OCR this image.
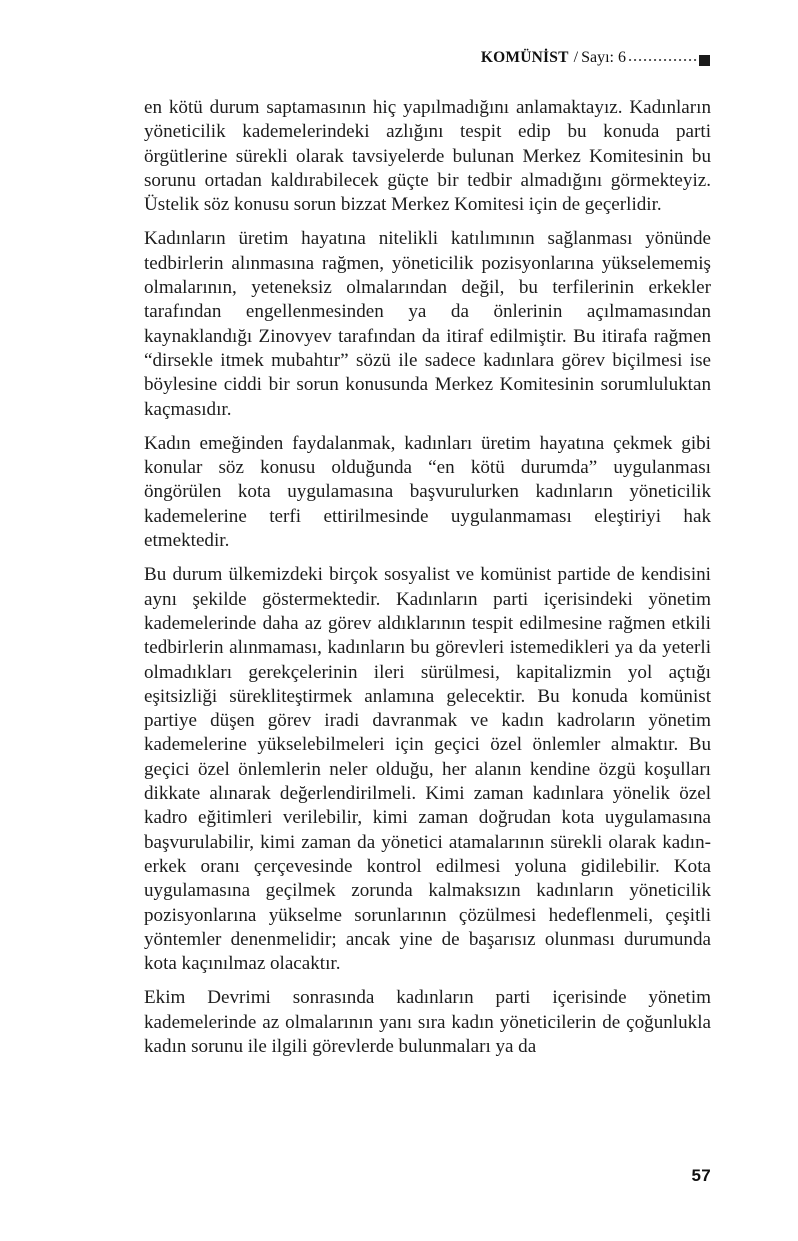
KOMÜNİST / Sayı: 6

en kötü durum saptamasının hiç yapılmadığını anlamaktayız. Kadınların yöneticilik kademelerindeki azlığını tespit edip bu konuda parti örgütlerine sürekli olarak tavsiyelerde bulunan Merkez Komitesinin bu sorunu ortadan kaldırabilecek güçte bir tedbir almadığını görmekteyiz. Üstelik söz konusu sorun bizzat Merkez Komitesi için de geçerlidir.

Kadınların üretim hayatına nitelikli katılımının sağlanması yönünde tedbirlerin alınmasına rağmen, yöneticilik pozisyonlarına yükselememiş olmalarının, yeteneksiz olmalarından değil, bu terfilerinin erkekler tarafından engellenmesinden ya da önlerinin açılmamasından kaynaklandığı Zinovyev tarafından da itiraf edilmiştir. Bu itirafa rağmen “dirsekle itmek mubahtır” sözü ile sadece kadınlara görev biçilmesi ise böylesine ciddi bir sorun konusunda Merkez Komitesinin sorumluluktan kaçmasıdır.

Kadın emeğinden faydalanmak, kadınları üretim hayatına çekmek gibi konular söz konusu olduğunda “en kötü durumda” uygulanması öngörülen kota uygulamasına başvurulurken kadınların yöneticilik kademelerine terfi ettirilmesinde uygulanmaması eleştiriyi hak etmektedir.

Bu durum ülkemizdeki birçok sosyalist ve komünist partide de kendisini aynı şekilde göstermektedir. Kadınların parti içerisindeki yönetim kademelerinde daha az görev aldıklarının tespit edilmesine rağmen etkili tedbirlerin alınmaması, kadınların bu görevleri istemedikleri ya da yeterli olmadıkları gerekçelerinin ileri sürülmesi, kapitalizmin yol açtığı eşitsizliği sürekliteştirmek anlamına gelecektir. Bu konuda komünist partiye düşen görev iradi davranmak ve kadın kadroların yönetim kademelerine yükselebilmeleri için geçici özel önlemler almaktır. Bu geçici özel önlemlerin neler olduğu, her alanın kendine özgü koşulları dikkate alınarak değerlendirilmeli. Kimi zaman kadınlara yönelik özel kadro eğitimleri verilebilir, kimi zaman doğrudan kota uygulamasına başvurulabilir, kimi zaman da yönetici atamalarının sürekli olarak kadın-erkek oranı çerçevesinde kontrol edilmesi yoluna gidilebilir. Kota uygulamasına geçilmek zorunda kalmaksızın kadınların yöneticilik pozisyonlarına yükselme sorunlarının çözülmesi hedeflenmeli, çeşitli yöntemler denenmelidir; ancak yine de başarısız olunması durumunda kota kaçınılmaz olacaktır.

Ekim Devrimi sonrasında kadınların parti içerisinde yönetim kademelerinde az olmalarının yanı sıra kadın yöneticilerin de çoğunlukla kadın sorunu ile ilgili görevlerde bulunmaları ya da

57
